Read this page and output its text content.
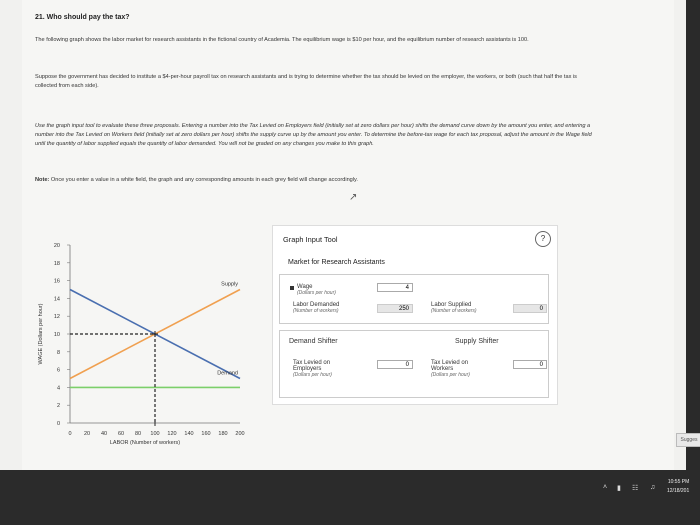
21. Who should pay the tax?
The following graph shows the labor market for research assistants in the fictional country of Academia. The equilibrium wage is $10 per hour, and the equilibrium number of research assistants is 100.
Suppose the government has decided to institute a $4-per-hour payroll tax on research assistants and is trying to determine whether the tax should be levied on the employer, the workers, or both (such that half the tax is collected from each side).
Use the graph input tool to evaluate these three proposals. Entering a number into the Tax Levied on Employers field (initially set at zero dollars per hour) shifts the demand curve down by the amount you enter, and entering a number into the Tax Levied on Workers field (initially set at zero dollars per hour) shifts the supply curve up by the amount you enter. To determine the before-tax wage for each tax proposal, adjust the amount in the Wage field until the quantity of labor supplied equals the quantity of labor demanded. You will not be graded on any changes you make to this graph.
Note: Once you enter a value in a white field, the graph and any corresponding amounts in each grey field will change accordingly.
↗
0
2
4
6
8
10
12
14
16
18
20
0 20 40 60 80 100 120 140 160 180 200
LABOR (Number of workers)
WAGE (Dollars per hour)
Supply
Demand
Graph Input Tool	?
Market for Research Assistants
Wage
(Dollars per hour)
4
Labor Demanded
(Number of workers)	250
Labor Supplied
(Number of workers)	0
Demand Shifter	Supply Shifter
Tax Levied on
Employers
(Dollars per hour)
0	Tax Levied on
Workers
(Dollars per hour)
0
Sugges
˄ ▮ ☷ ♫
10:55 PM
12/18/201
